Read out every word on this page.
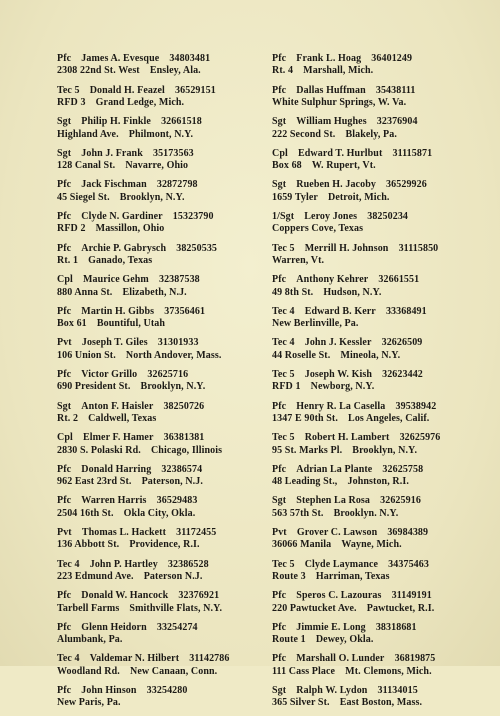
Pfc James A. Evesque 34803481
2308 22nd St. West Ensley, Ala.
Tec 5 Donald H. Feazel 36529151
RFD 3 Grand Ledge, Mich.
Sgt Philip H. Finkle 32661518
Highland Ave. Philmont, N.Y.
Sgt John J. Frank 35173563
128 Canal St. Navarre, Ohio
Pfc Jack Fischman 32872798
45 Siegel St. Brooklyn, N.Y.
Pfc Clyde N. Gardiner 15323790
RFD 2 Massillon, Ohio
Pfc Archie P. Gabrysch 38250535
Rt. 1 Ganado, Texas
Cpl Maurice Gehm 32387538
880 Anna St. Elizabeth, N.J.
Pfc Martin H. Gibbs 37356461
Box 61 Bountiful, Utah
Pvt Joseph T. Giles 31301933
106 Union St. North Andover, Mass.
Pfc Victor Grillo 32625716
690 President St. Brooklyn, N.Y.
Sgt Anton F. Haisler 38250726
Rt. 2 Caldwell, Texas
Cpl Elmer F. Hamer 36381381
2830 S. Polaski Rd. Chicago, Illinois
Pfc Donald Harring 32386574
962 East 23rd St. Paterson, N.J.
Pfc Warren Harris 36529483
2504 16th St. Okla City, Okla.
Pvt Thomas L. Hackett 31172455
136 Abbott St. Providence, R.I.
Tec 4 John P. Hartley 32386528
223 Edmund Ave. Paterson N.J.
Pfc Donald W. Hancock 32376921
Tarbell Farms Smithville Flats, N.Y.
Pfc Glenn Heidorn 33254274
Alumbank, Pa.
Tec 4 Valdemar N. Hilbert 31142786
Woodland Rd. New Canaan, Conn.
Pfc John Hinson 33254280
New Paris, Pa.
Pfc Frank L. Hoag 36401249
Rt. 4 Marshall, Mich.
Pfc Dallas Huffman 35438111
White Sulphur Springs, W. Va.
Sgt William Hughes 32376904
222 Second St. Blakely, Pa.
Cpl Edward T. Hurlbut 31115871
Box 68 W. Rupert, Vt.
Sgt Rueben H. Jacoby 36529926
1659 Tyler Detroit, Mich.
1/Sgt Leroy Jones 38250234
Coppers Cove, Texas
Tec 5 Merrill H. Johnson 31115850
Warren, Vt.
Pfc Anthony Kehrer 32661551
49 8th St. Hudson, N.Y.
Tec 4 Edward B. Kerr 33368491
New Berlinville, Pa.
Tec 4 John J. Kessler 32626509
44 Roselle St. Mineola, N.Y.
Tec 5 Joseph W. Kish 32623442
RFD 1 Newborg, N.Y.
Pfc Henry R. La Casella 39538942
1347 E 90th St. Los Angeles, Calif.
Tec 5 Robert H. Lambert 32625976
95 St. Marks Pl. Brooklyn, N.Y.
Pfc Adrian La Plante 32625758
48 Leading St., Johnston, R.I.
Sgt Stephen La Rosa 32625916
563 57th St. Brooklyn. N.Y.
Pvt Grover C. Lawson 36984389
36066 Manila Wayne, Mich.
Tec 5 Clyde Laymance 34375463
Route 3 Harriman, Texas
Pfc Speros C. Lazouras 31149191
220 Pawtucket Ave. Pawtucket, R.I.
Pfc Jimmie E. Long 38318681
Route 1 Dewey, Okla.
Pfc Marshall O. Lunder 36819875
111 Cass Place Mt. Clemons, Mich.
Sgt Ralph W. Lydon 31134015
365 Silver St. East Boston, Mass.
